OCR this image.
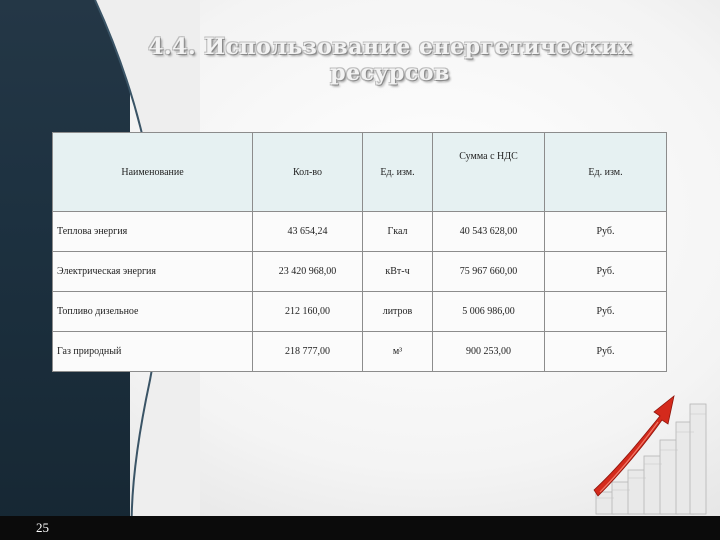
4.4. Использование енергетических ресурсов
Наименование	Кол-во	Ед. изм.	Сумма с НДС	Ед. изм.
Теплова энергия	43 654,24	Гкал	40 543 628,00	Руб.
Электрическая энергия	23 420 968,00	кВт-ч	75 967 660,00	Руб.
Топливо дизельное	212 160,00	литров	5 006 986,00	Руб.
Газ природный	218 777,00	м³	900 253,00	Руб.
25
